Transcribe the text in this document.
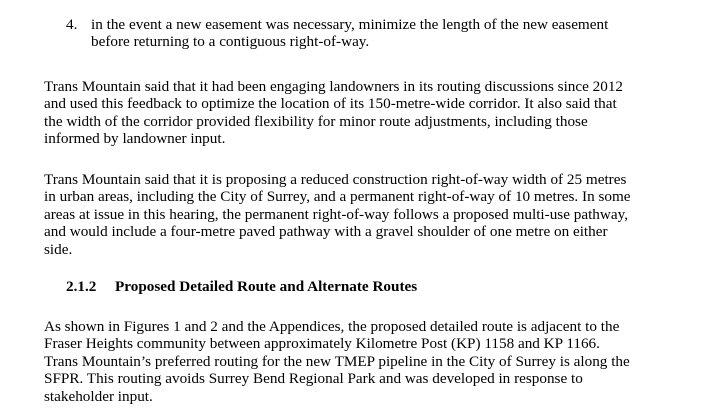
4. in the event a new easement was necessary, minimize the length of the new easement
before returning to a contiguous right-of-way.
Trans Mountain said that it had been engaging landowners in its routing discussions since 2012
and used this feedback to optimize the location of its 150-metre-wide corridor. It also said that
the width of the corridor provided flexibility for minor route adjustments, including those
informed by landowner input.
Trans Mountain said that it is proposing a reduced construction right-of-way width of 25 metres
in urban areas, including the City of Surrey, and a permanent right-of-way of 10 metres. In some
areas at issue in this hearing, the permanent right-of-way follows a proposed multi-use pathway,
and would include a four-metre paved pathway with a gravel shoulder of one metre on either
side.
2.1.2 Proposed Detailed Route and Alternate Routes
As shown in Figures 1 and 2 and the Appendices, the proposed detailed route is adjacent to the
Fraser Heights community between approximately Kilometre Post (KP) 1158 and KP 1166.
Trans Mountain’s preferred routing for the new TMEP pipeline in the City of Surrey is along the
SFPR. This routing avoids Surrey Bend Regional Park and was developed in response to
stakeholder input.
